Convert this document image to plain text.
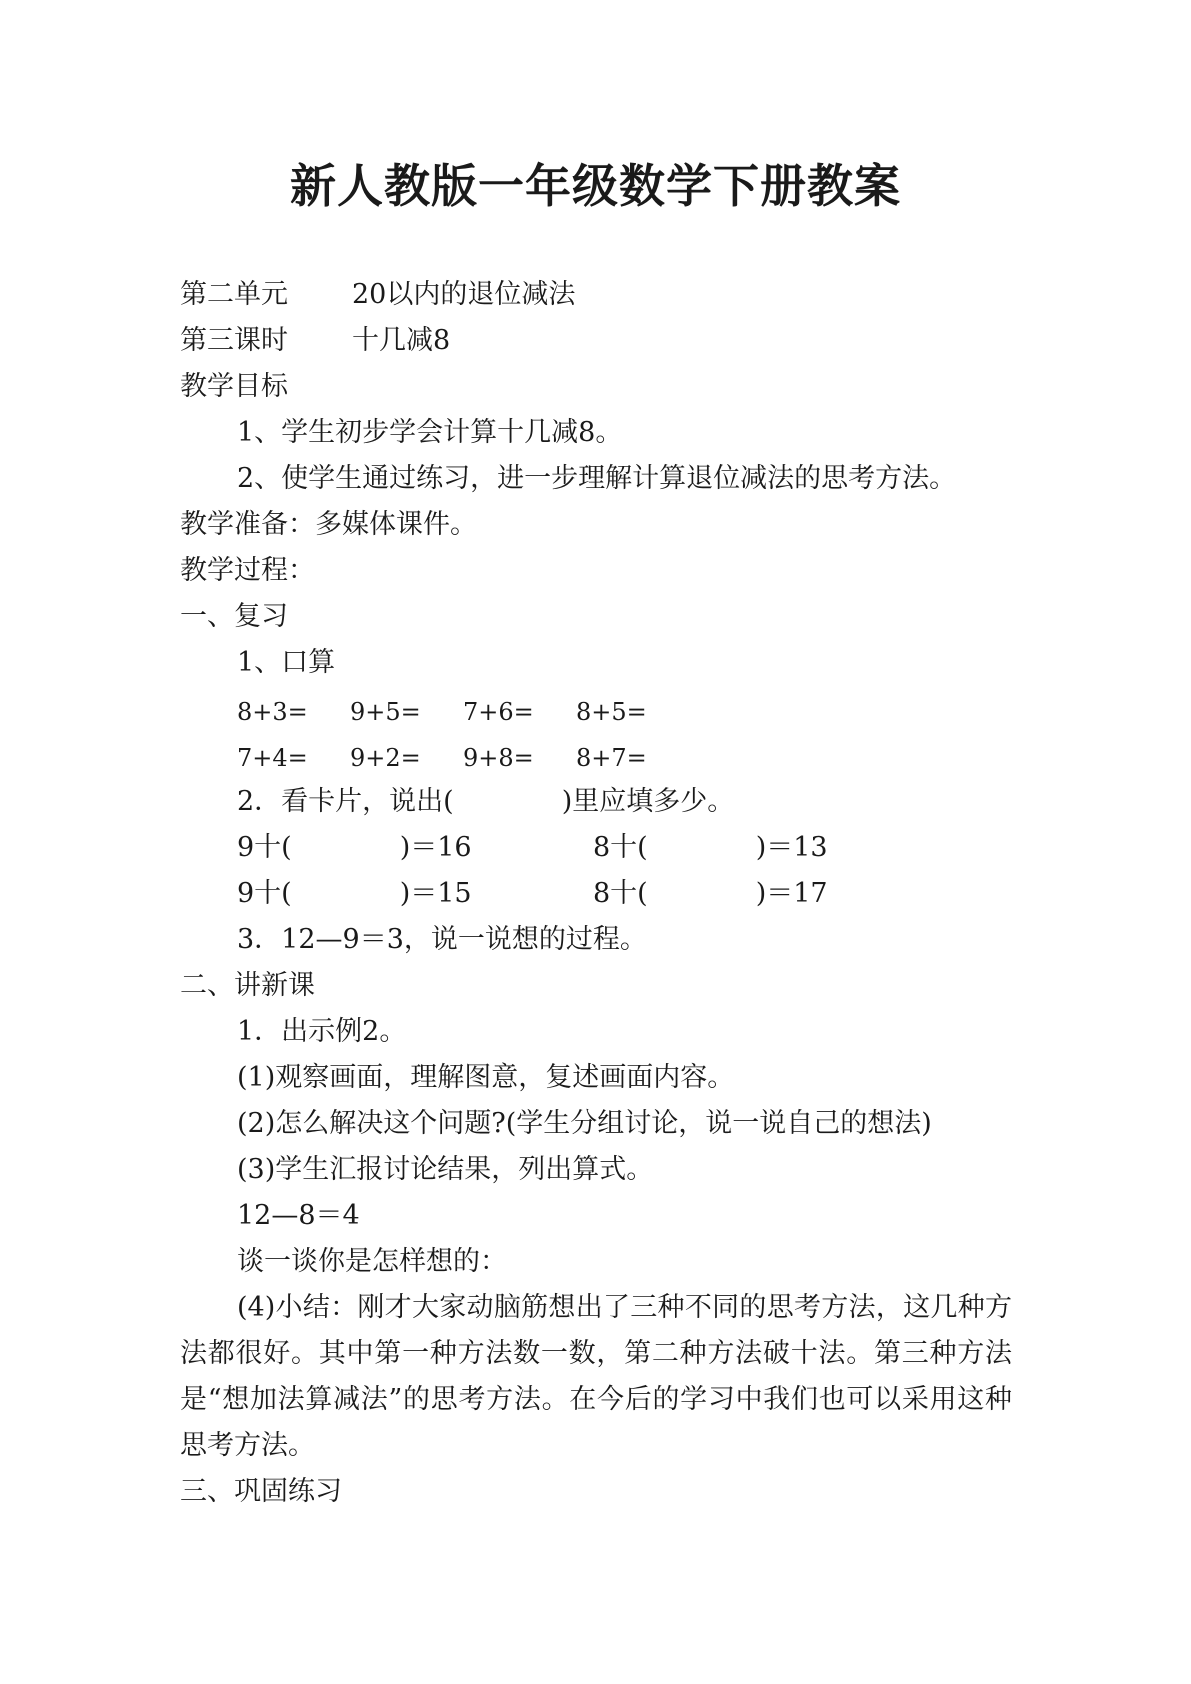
新人教版一年级数学下册教案
第二单元 20以内的退位减法
第三课时 十几减8
教学目标
1、学生初步学会计算十几减8。
2、使学生通过练习，进一步理解计算退位减法的思考方法。
教学准备：多媒体课件。
教学过程：
一、复习
1、口算
8+3= 9+5= 7+6= 8+5=
7+4= 9+2= 9+8= 8+7=
2．看卡片，说出(　　　　)里应填多少。
9十(　　　　)＝16	8十(　　　　)＝13
9十(　　　　)＝15	8十(　　　　)＝17
3．12—9＝3，说一说想的过程。
二、讲新课
1．出示例2。
(1)观察画面，理解图意，复述画面内容。
(2)怎么解决这个问题?(学生分组讨论，说一说自己的想法)
(3)学生汇报讨论结果，列出算式。
12—8＝4
谈一谈你是怎样想的：
(4)小结：刚才大家动脑筋想出了三种不同的思考方法，这几种方法都很好。其中第一种方法数一数，第二种方法破十法。第三种方法是“想加法算减法”的思考方法。在今后的学习中我们也可以采用这种思考方法。
三、巩固练习
